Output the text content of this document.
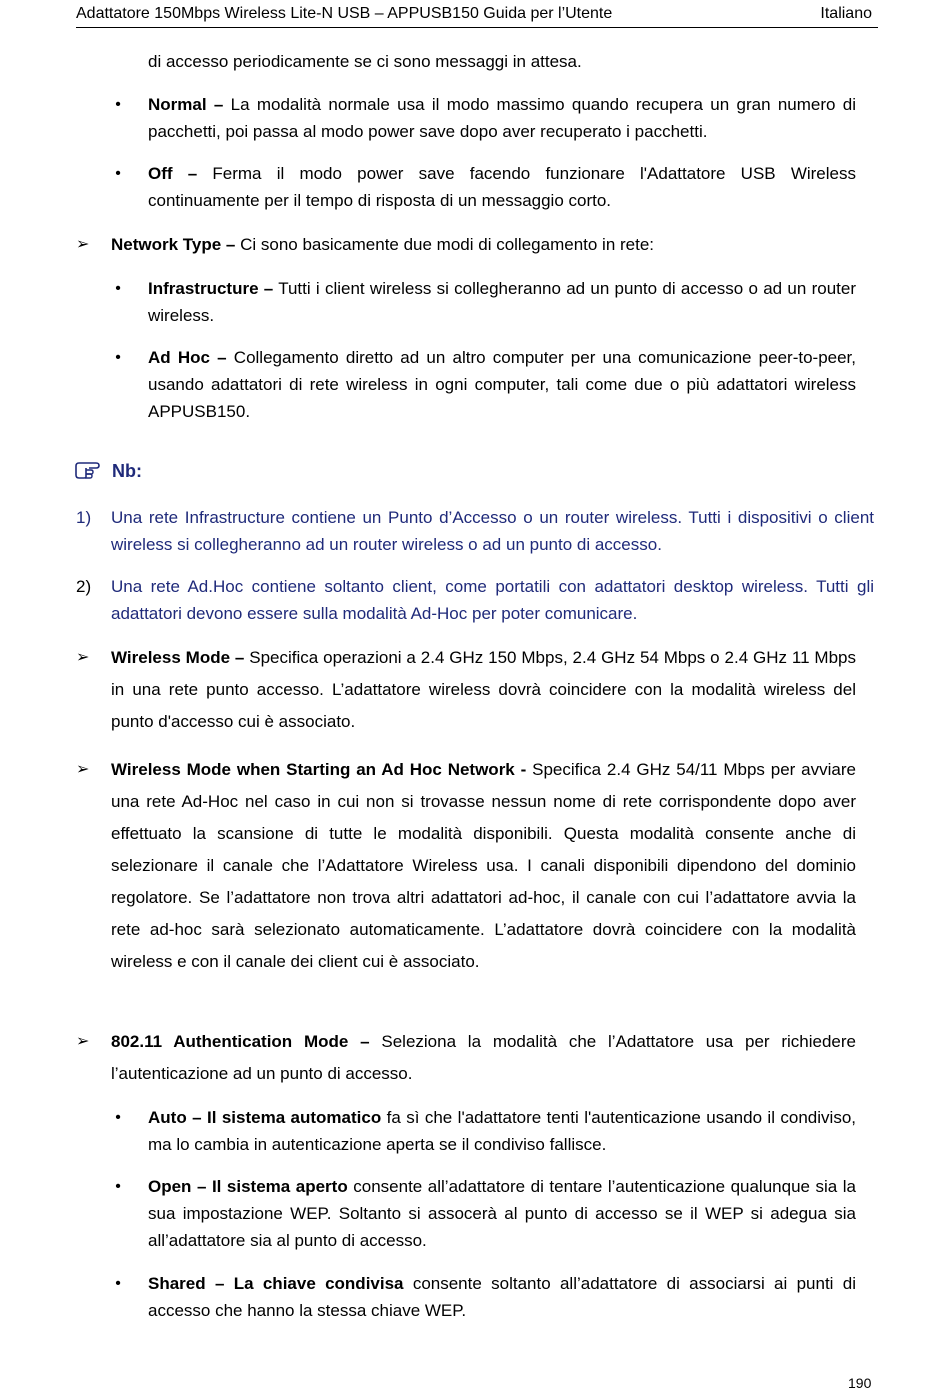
Adattatore 150Mbps Wireless Lite-N USB – APPUSB150 Guida per l’Utente	Italiano
di accesso periodicamente se ci sono messaggi in attesa.
• Normal – La modalità normale usa il modo massimo quando recupera un gran numero di pacchetti, poi passa al modo power save dopo aver recuperato i pacchetti.
• Off – Ferma il modo power save facendo funzionare l'Adattatore USB Wireless continuamente per il tempo di risposta di un messaggio corto.
➢ Network Type – Ci sono basicamente due modi di collegamento in rete:
• Infrastructure – Tutti i client wireless si collegheranno ad un punto di accesso o ad un router wireless.
• Ad Hoc – Collegamento diretto ad un altro computer per una comunicazione peer-to-peer, usando adattatori di rete wireless in ogni computer, tali come due o più adattatori wireless APPUSB150.
Nb:
1) Una rete Infrastructure contiene un Punto d’Accesso o un router wireless. Tutti i dispositivi o client wireless si collegheranno ad un router wireless o ad un punto di accesso.
2) Una rete Ad.Hoc contiene soltanto client, come portatili con adattatori desktop wireless. Tutti gli adattatori devono essere sulla modalità Ad-Hoc per poter comunicare.
➢ Wireless Mode – Specifica operazioni a 2.4 GHz 150 Mbps, 2.4 GHz 54 Mbps o 2.4 GHz 11 Mbps in una rete punto accesso. L’adattatore wireless dovrà coincidere con la modalità wireless del punto d'accesso cui è associato.
➢ Wireless Mode when Starting an Ad Hoc Network - Specifica 2.4 GHz 54/11 Mbps per avviare una rete Ad-Hoc nel caso in cui non si trovasse nessun nome di rete corrispondente dopo aver effettuato la scansione di tutte le modalità disponibili. Questa modalità consente anche di selezionare il canale che l’Adattatore Wireless usa. I canali disponibili dipendono del dominio regolatore. Se l’adattatore non trova altri adattatori ad-hoc, il canale con cui l’adattatore avvia la rete ad-hoc sarà selezionato automaticamente. L’adattatore dovrà coincidere con la modalità wireless e con il canale dei client cui è associato.
➢ 802.11 Authentication Mode – Seleziona la modalità che l’Adattatore usa per richiedere l’autenticazione ad un punto di accesso.
• Auto – Il sistema automatico fa sì che l'adattatore tenti l'autenticazione usando il condiviso, ma lo cambia in autenticazione aperta se il condiviso fallisce.
• Open – Il sistema aperto consente all’adattatore di tentare l’autenticazione qualunque sia la sua impostazione WEP. Soltanto si assocerà al punto di accesso se il WEP si adegua sia all’adattatore sia al punto di accesso.
• Shared – La chiave condivisa consente soltanto all’adattatore di associarsi ai punti di accesso che hanno la stessa chiave WEP.
190
